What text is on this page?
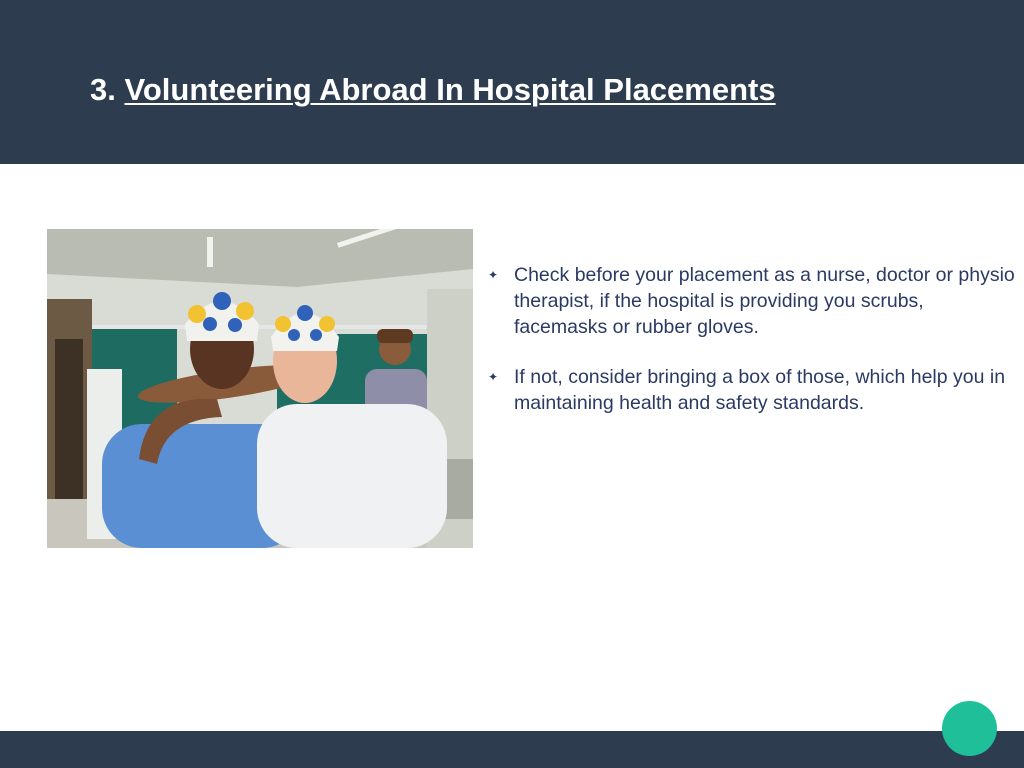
3. Volunteering Abroad In Hospital Placements
✦ Check before your placement as a nurse, doctor or physio therapist, if the hospital is providing you scrubs, facemasks or rubber gloves.
✦ If not, consider bringing a box of those, which help you in maintaining health and safety standards.
